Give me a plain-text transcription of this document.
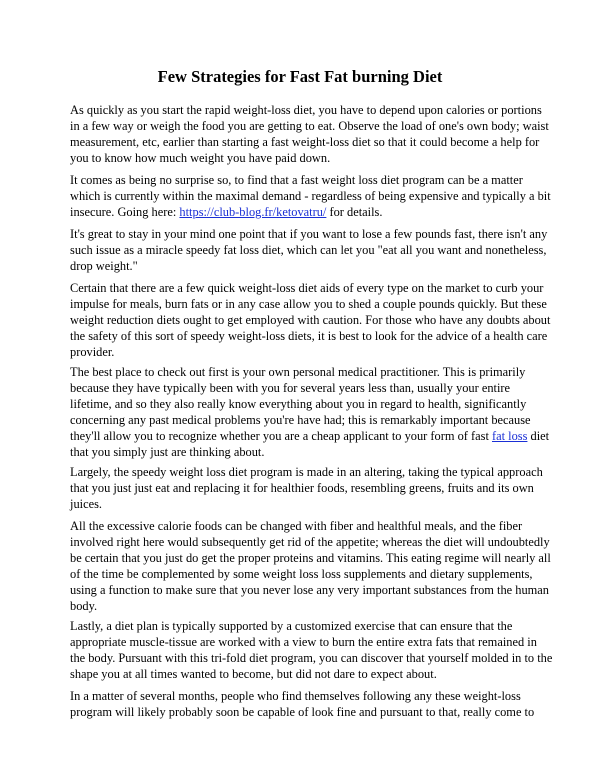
Few Strategies for Fast Fat burning Diet

As quickly as you start the rapid weight-loss diet, you have to depend upon calories or portions
in a few way or weigh the food you are getting to eat. Observe the load of one's own body; waist
measurement, etc, earlier than starting a fast weight-loss diet so that it could become a help for
you to know how much weight you have paid down.

It comes as being no surprise so, to find that a fast weight loss diet program can be a matter
which is currently within the maximal demand - regardless of being expensive and typically a bit
insecure. Going here: https://club-blog.fr/ketovatru/ for details.

It's great to stay in your mind one point that if you want to lose a few pounds fast, there isn't any
such issue as a miracle speedy fat loss diet, which can let you "eat all you want and nonetheless,
drop weight."

Certain that there are a few quick weight-loss diet aids of every type on the market to curb your
impulse for meals, burn fats or in any case allow you to shed a couple pounds quickly. But these
weight reduction diets ought to get employed with caution. For those who have any doubts about
the safety of this sort of speedy weight-loss diets, it is best to look for the advice of a health care
provider.

The best place to check out first is your own personal medical practitioner. This is primarily
because they have typically been with you for several years less than, usually your entire
lifetime, and so they also really know everything about you in regard to health, significantly
concerning any past medical problems you're have had; this is remarkably important because
they'll allow you to recognize whether you are a cheap applicant to your form of fast fat loss diet
that you simply just are thinking about.

Largely, the speedy weight loss diet program is made in an altering, taking the typical approach
that you just just eat and replacing it for healthier foods, resembling greens, fruits and its own
juices.

All the excessive calorie foods can be changed with fiber and healthful meals, and the fiber
involved right here would subsequently get rid of the appetite; whereas the diet will undoubtedly
be certain that you just do get the proper proteins and vitamins. This eating regime will nearly all
of the time be complemented by some weight loss loss supplements and dietary supplements,
using a function to make sure that you never lose any very important substances from the human
body.

Lastly, a diet plan is typically supported by a customized exercise that can ensure that the
appropriate muscle-tissue are worked with a view to burn the entire extra fats that remained in
the body. Pursuant with this tri-fold diet program, you can discover that yourself molded in to the
shape you at all times wanted to become, but did not dare to expect about.

In a matter of several months, people who find themselves following any these weight-loss
program will likely probably soon be capable of look fine and pursuant to that, really come to
